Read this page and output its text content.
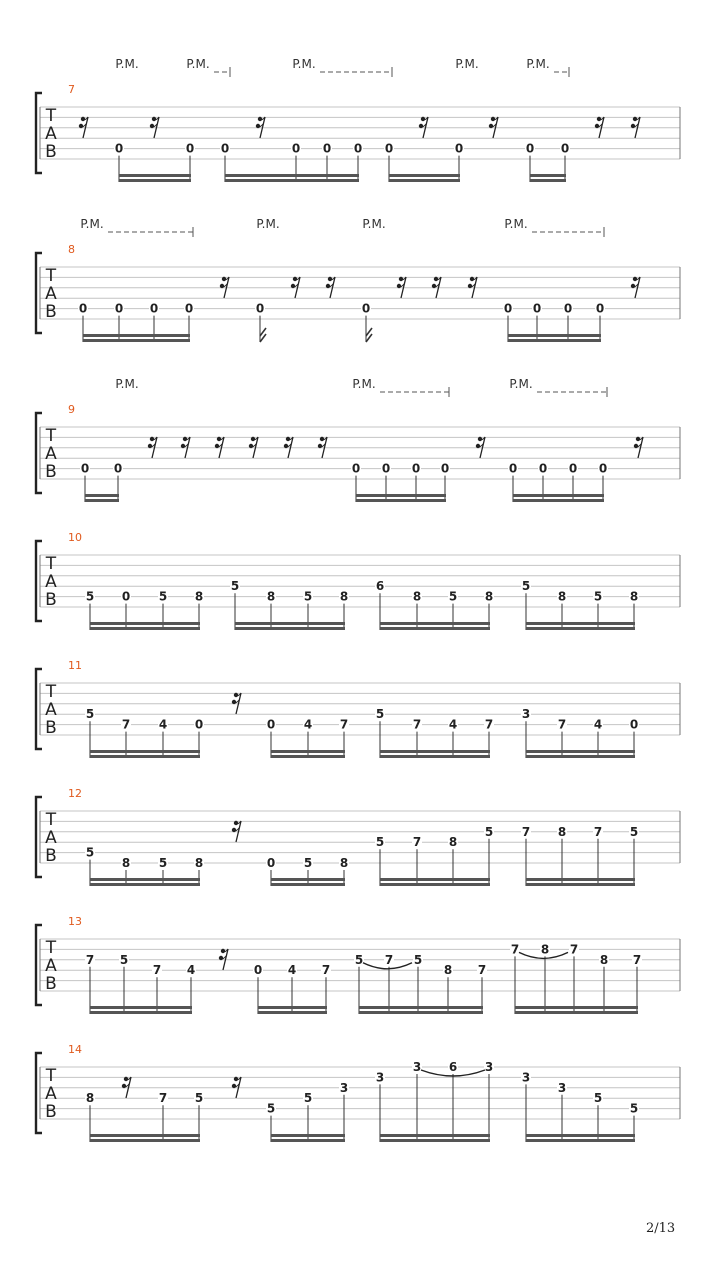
T
A
B
7
P.M.	P.M.	P.M.	P.M.	P.M.
0	0 0	0 0 0 0	0	0 0
T
A
B
8
P.M.	P.M.	P.M.	P.M.
0 0 0 0	0	0	0 0 0 0
T
A
B
9
P.M.	P.M.	P.M.
0 0	0 0 0 0	0 0 0 0
T
A
B
10
5 0 5 8
5
8 5 8
6
8 5 8
5
8 5 8
T
A
B
11
5
7 4 0	0 4 7
5
7 4 7
3
7 4 0
T
A
B
12
5
8 5 8	0 5 8
5 7 8
5 7 8 7 5
T
A
B
13
7 5
7 4	0 4 7
5 7 5
8 7
7 8 7
8 7
T
A
B
14
8	7 5
5
5
3
3
3 6 3
3
3
5
5
2/13
